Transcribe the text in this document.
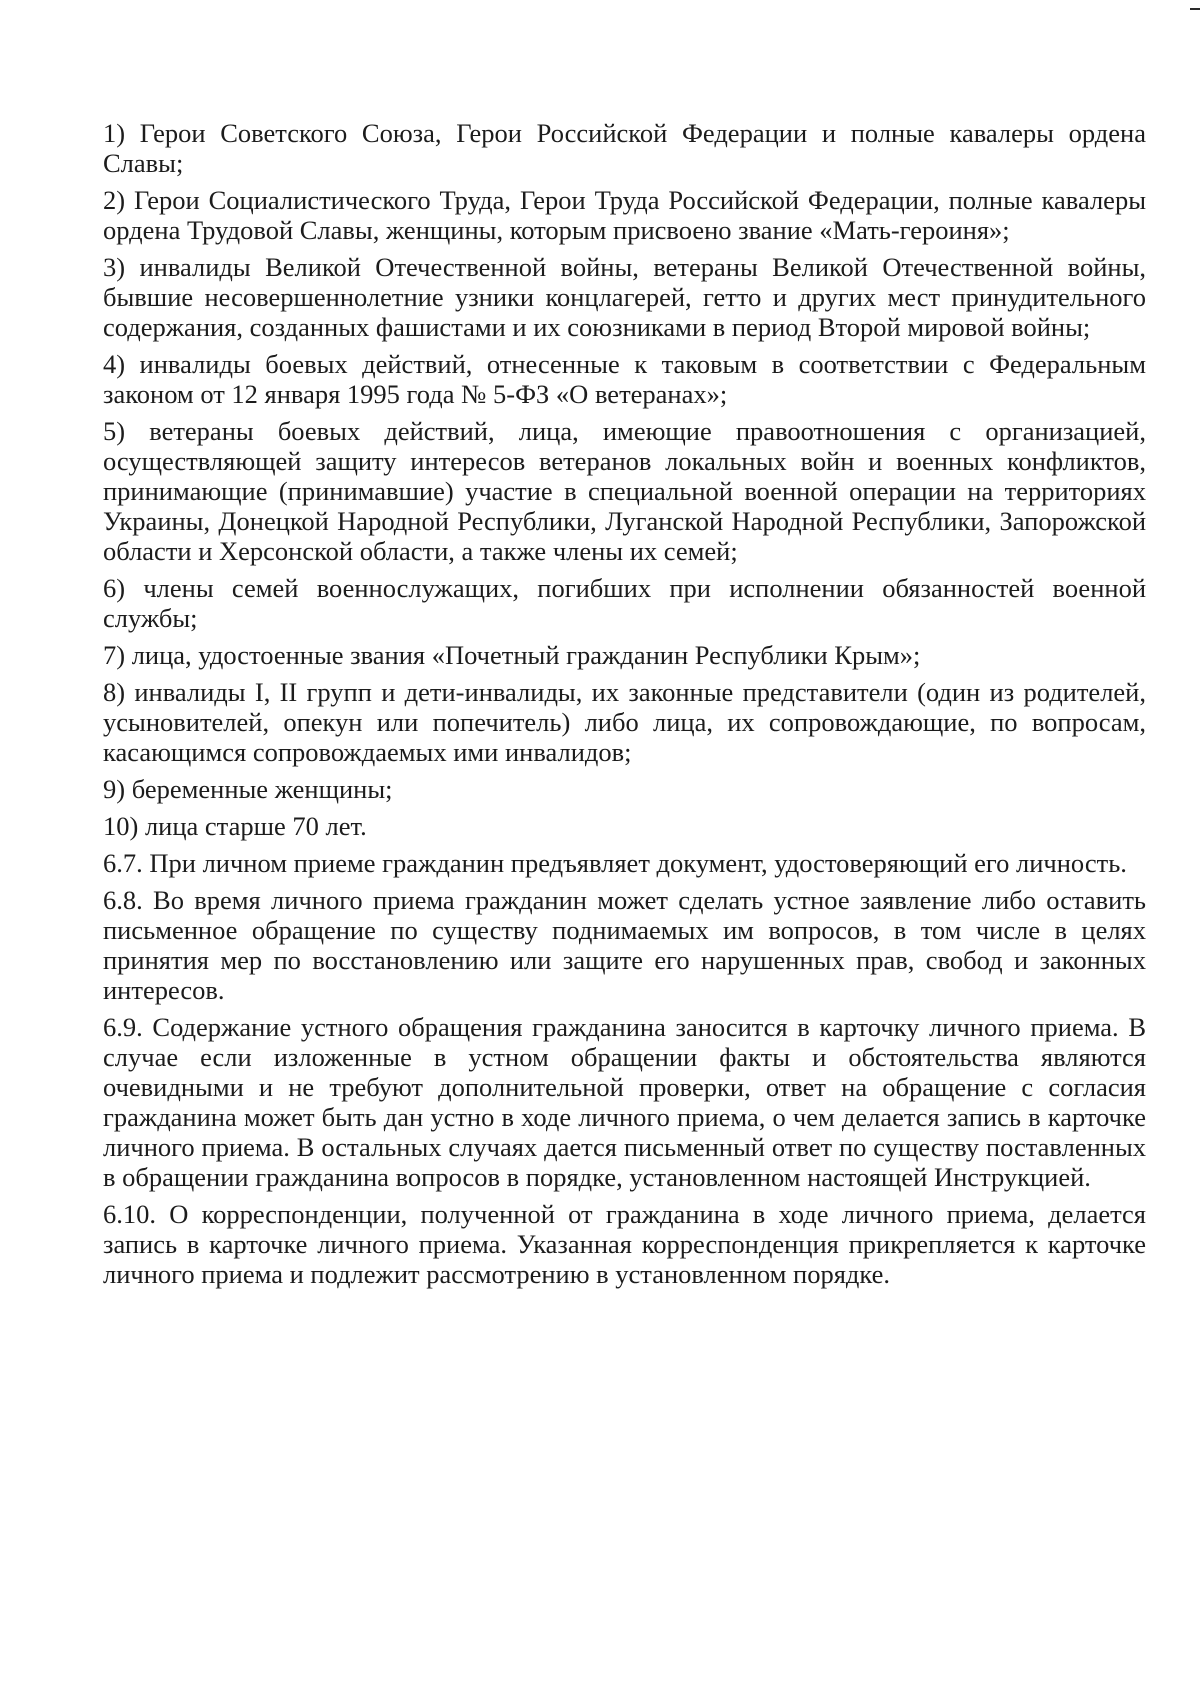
1) Герои Советского Союза, Герои Российской Федерации и полные кавалеры ордена Славы;

2) Герои Социалистического Труда, Герои Труда Российской Федерации, полные кавалеры ордена Трудовой Славы, женщины, которым присвоено звание «Мать-героиня»;

3) инвалиды Великой Отечественной войны, ветераны Великой Отечественной войны, бывшие несовершеннолетние узники концлагерей, гетто и других мест принудительного содержания, созданных фашистами и их союзниками в период Второй мировой войны;

4) инвалиды боевых действий, отнесенные к таковым в соответствии с Федеральным законом от 12 января 1995 года № 5-ФЗ «О ветеранах»;

5) ветераны боевых действий, лица, имеющие правоотношения с организацией, осуществляющей защиту интересов ветеранов локальных войн и военных конфликтов, принимающие (принимавшие) участие в специальной военной операции на территориях Украины, Донецкой Народной Республики, Луганской Народной Республики, Запорожской области и Херсонской области, а также члены их семей;

6) члены семей военнослужащих, погибших при исполнении обязанностей военной службы;

7) лица, удостоенные звания «Почетный гражданин Республики Крым»;

8) инвалиды I, II групп и дети-инвалиды, их законные представители (один из родителей, усыновителей, опекун или попечитель) либо лица, их сопровождающие, по вопросам, касающимся сопровождаемых ими инвалидов;

9) беременные женщины;

10) лица старше 70 лет.

6.7. При личном приеме гражданин предъявляет документ, удостоверяющий его личность.

6.8. Во время личного приема гражданин может сделать устное заявление либо оставить письменное обращение по существу поднимаемых им вопросов, в том числе в целях принятия мер по восстановлению или защите его нарушенных прав, свобод и законных интересов.

6.9. Содержание устного обращения гражданина заносится в карточку личного приема. В случае если изложенные в устном обращении факты и обстоятельства являются очевидными и не требуют дополнительной проверки, ответ на обращение с согласия гражданина может быть дан устно в ходе личного приема, о чем делается запись в карточке личного приема. В остальных случаях дается письменный ответ по существу поставленных в обращении гражданина вопросов в порядке, установленном настоящей Инструкцией.

6.10. О корреспонденции, полученной от гражданина в ходе личного приема, делается запись в карточке личного приема. Указанная корреспонденция прикрепляется к карточке личного приема и подлежит рассмотрению в установленном порядке.
